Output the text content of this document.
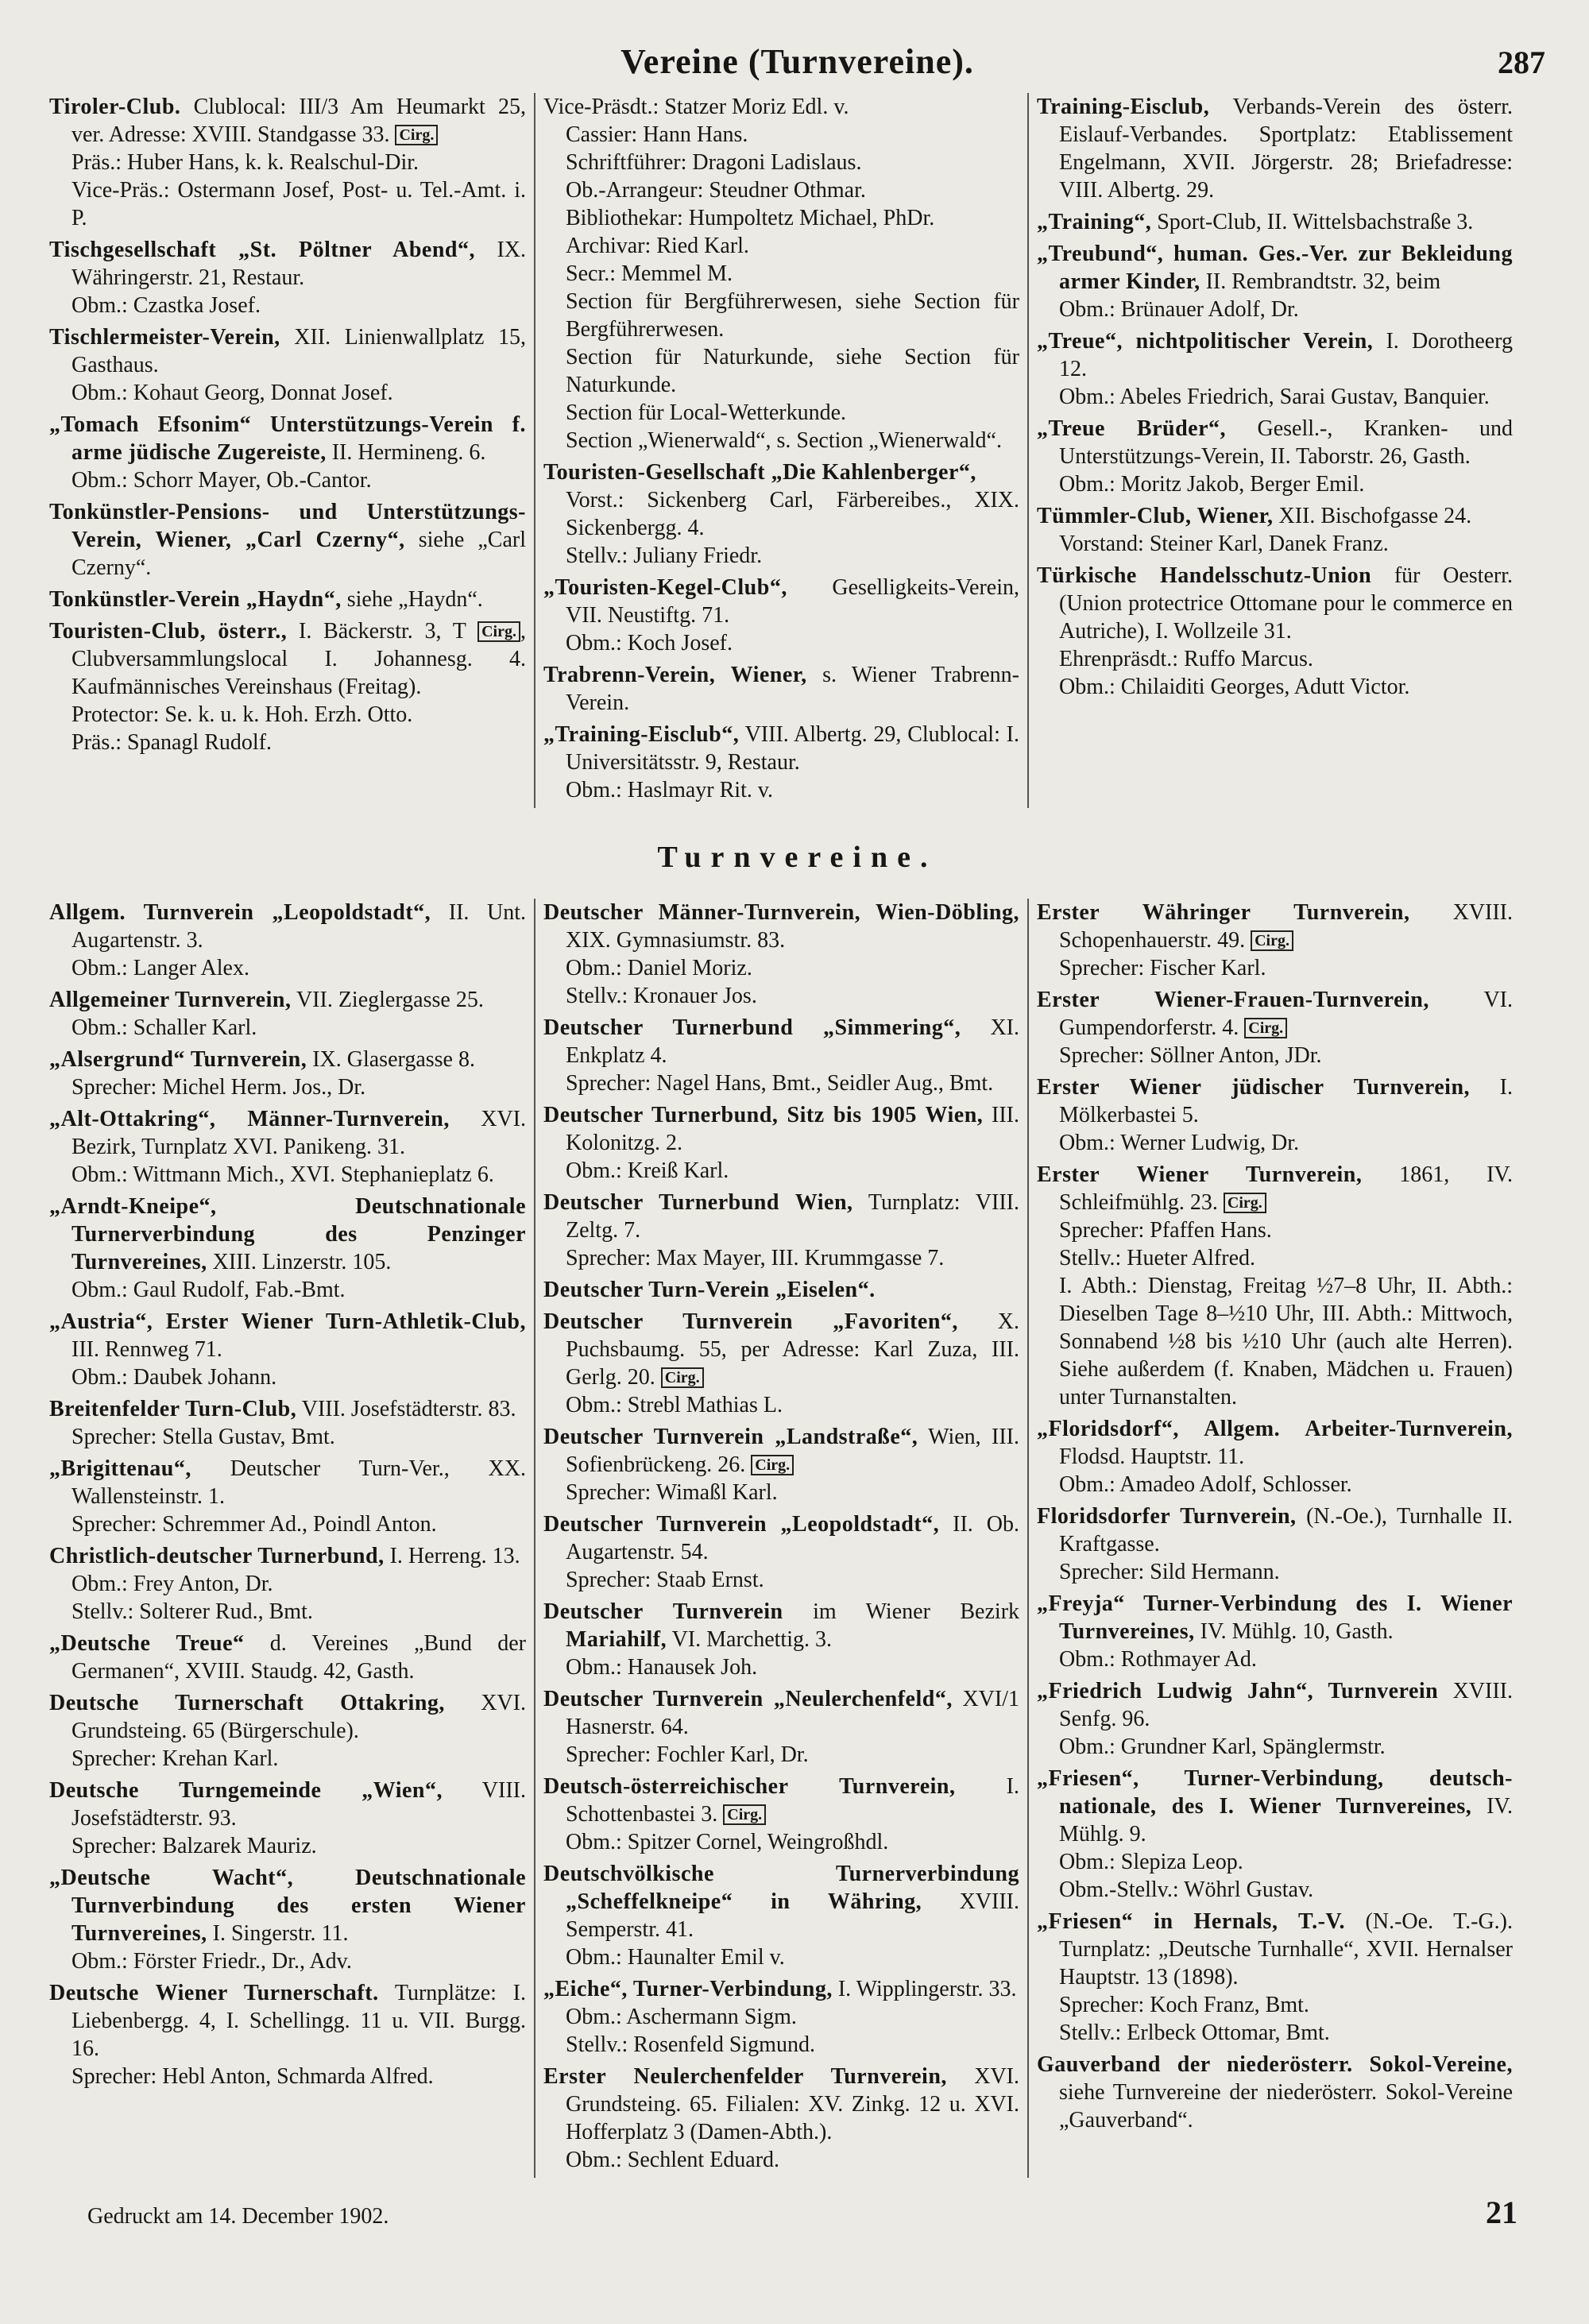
Vereine (Turnvereine).	287

Tiroler-Club. Clublocal: III/3 Am Heumarkt 25, ver. Adresse: XVIII. Standgasse 33. Cirg.

Präs.: Huber Hans, k. k. Realschul-Dir.

Vice-Präs.: Ostermann Josef, Post- u. Tel.-Amt. i. P.

Tischgesellschaft „St. Pöltner Abend“, IX. Währingerstr. 21, Restaur.

Obm.: Czastka Josef.

Tischlermeister-Verein, XII. Linienwallplatz 15, Gasthaus.

Obm.: Kohaut Georg, Donnat Josef.

„Tomach Efsonim“ Unterstützungs-Verein f. arme jüdische Zugereiste, II. Hermineng. 6.

Obm.: Schorr Mayer, Ob.-Cantor.

Tonkünstler-Pensions- und Unterstützungs-Verein, Wiener, „Carl Czerny“, siehe „Carl Czerny“.

Tonkünstler-Verein „Haydn“, siehe „Haydn“.

Touristen-Club, österr., I. Bäckerstr. 3, T Cirg. , Clubversammlungslocal I. Johannesg. 4. Kaufmännisches Vereinshaus (Freitag).

Protector: Se. k. u. k. Hoh. Erzh. Otto.

Präs.: Spanagl Rudolf.

Vice-Präsdt.: Statzer Moriz Edl. v.

Cassier: Hann Hans.

Schriftführer: Dragoni Ladislaus.

Ob.-Arrangeur: Steudner Othmar.

Bibliothekar: Humpoltetz Michael, PhDr.

Archivar: Ried Karl.

Secr.: Memmel M.

Section für Bergführerwesen, siehe Section für Bergführerwesen.

Section für Naturkunde, siehe Section für Naturkunde.

Section für Local-Wetterkunde.

Section „Wienerwald“, s. Section „Wienerwald“.

Touristen-Gesellschaft „Die Kahlenberger“,

Vorst.: Sickenberg Carl, Färbereibes., XIX. Sickenbergg. 4.

Stellv.: Juliany Friedr.

„Touristen-Kegel-Club“, Geselligkeits-Verein, VII. Neustiftg. 71.

Obm.: Koch Josef.

Trabrenn-Verein, Wiener, s. Wiener Trabrenn-Verein.

„Training-Eisclub“, VIII. Albertg. 29, Clublocal: I. Universitätsstr. 9, Restaur.

Obm.: Haslmayr Rit. v.

Training-Eisclub, Verbands-Verein des österr. Eislauf-Verbandes. Sportplatz: Etablissement Engelmann, XVII. Jörgerstr. 28; Briefadresse: VIII. Albertg. 29.

„Training“, Sport-Club, II. Wittelsbachstraße 3.

„Treubund“, human. Ges.-Ver. zur Bekleidung armer Kinder, II. Rembrandtstr. 32, beim

Obm.: Brünauer Adolf, Dr.

„Treue“, nichtpolitischer Verein, I. Dorotheerg 12.

Obm.: Abeles Friedrich, Sarai Gustav, Banquier.

„Treue Brüder“, Gesell.-, Kranken- und Unterstützungs-Verein, II. Taborstr. 26, Gasth.

Obm.: Moritz Jakob, Berger Emil.

Tümmler-Club, Wiener, XII. Bischofgasse 24.

Vorstand: Steiner Karl, Danek Franz.

Türkische Handelsschutz-Union für Oesterr. (Union protectrice Ottomane pour le commerce en Autriche), I. Wollzeile 31.

Ehrenpräsdt.: Ruffo Marcus.

Obm.: Chilaiditi Georges, Adutt Victor.

Turnvereine.

Allgem. Turnverein „Leopoldstadt“, II. Unt. Augartenstr. 3.

Obm.: Langer Alex.

Allgemeiner Turnverein, VII. Zieglergasse 25.

Obm.: Schaller Karl.

„Alsergrund“ Turnverein, IX. Glasergasse 8.

Sprecher: Michel Herm. Jos., Dr.

„Alt-Ottakring“, Männer-Turnverein, XVI. Bezirk, Turnplatz XVI. Panikeng. 31.

Obm.: Wittmann Mich., XVI. Stephanieplatz 6.

„Arndt-Kneipe“, Deutschnationale Turnerverbindung des Penzinger Turnvereines, XIII. Linzerstr. 105.

Obm.: Gaul Rudolf, Fab.-Bmt.

„Austria“, Erster Wiener Turn-Athletik-Club, III. Rennweg 71.

Obm.: Daubek Johann.

Breitenfelder Turn-Club, VIII. Josefstädterstr. 83.

Sprecher: Stella Gustav, Bmt.

„Brigittenau“, Deutscher Turn-Ver., XX. Wallensteinstr. 1.

Sprecher: Schremmer Ad., Poindl Anton.

Christlich-deutscher Turnerbund, I. Herreng. 13.

Obm.: Frey Anton, Dr.

Stellv.: Solterer Rud., Bmt.

„Deutsche Treue“ d. Vereines „Bund der Germanen“, XVIII. Staudg. 42, Gasth.

Deutsche Turnerschaft Ottakring, XVI. Grundsteing. 65 (Bürgerschule).

Sprecher: Krehan Karl.

Deutsche Turngemeinde „Wien“, VIII. Josefstädterstr. 93.

Sprecher: Balzarek Mauriz.

„Deutsche Wacht“, Deutschnationale Turnverbindung des ersten Wiener Turnvereines, I. Singerstr. 11.

Obm.: Förster Friedr., Dr., Adv.

Deutsche Wiener Turnerschaft. Turnplätze: I. Liebenbergg. 4, I. Schellingg. 11 u. VII. Burgg. 16.

Sprecher: Hebl Anton, Schmarda Alfred.

Deutscher Männer-Turnverein, Wien-Döbling, XIX. Gymnasiumstr. 83.

Obm.: Daniel Moriz.

Stellv.: Kronauer Jos.

Deutscher Turnerbund „Simmering“, XI. Enkplatz 4.

Sprecher: Nagel Hans, Bmt., Seidler Aug., Bmt.

Deutscher Turnerbund, Sitz bis 1905 Wien, III. Kolonitzg. 2.

Obm.: Kreiß Karl.

Deutscher Turnerbund Wien, Turnplatz: VIII. Zeltg. 7.

Sprecher: Max Mayer, III. Krummgasse 7.

Deutscher Turn-Verein „Eiselen“.

Deutscher Turnverein „Favoriten“, X. Puchsbaumg. 55, per Adresse: Karl Zuza, III. Gerlg. 20. Cirg.

Obm.: Strebl Mathias L.

Deutscher Turnverein „Landstraße“, Wien, III. Sofienbrückeng. 26. Cirg.

Sprecher: Wimaßl Karl.

Deutscher Turnverein „Leopoldstadt“, II. Ob. Augartenstr. 54.

Sprecher: Staab Ernst.

Deutscher Turnverein im Wiener Bezirk Mariahilf, VI. Marchettig. 3.

Obm.: Hanausek Joh.

Deutscher Turnverein „Neulerchenfeld“, XVI/1 Hasnerstr. 64.

Sprecher: Fochler Karl, Dr.

Deutsch-österreichischer Turnverein, I. Schottenbastei 3. Cirg.

Obm.: Spitzer Cornel, Weingroßhdl.

Deutschvölkische Turnerverbindung „Scheffelkneipe“ in Währing, XVIII. Semperstr. 41.

Obm.: Haunalter Emil v.

„Eiche“, Turner-Verbindung, I. Wipplingerstr. 33.

Obm.: Aschermann Sigm.

Stellv.: Rosenfeld Sigmund.

Erster Neulerchenfelder Turnverein, XVI. Grundsteing. 65. Filialen: XV. Zinkg. 12 u. XVI. Hofferplatz 3 (Damen-Abth.).

Obm.: Sechlent Eduard.

Erster Währinger Turnverein, XVIII. Schopenhauerstr. 49. Cirg.

Sprecher: Fischer Karl.

Erster Wiener-Frauen-Turnverein, VI. Gumpendorferstr. 4. Cirg.

Sprecher: Söllner Anton, JDr.

Erster Wiener jüdischer Turnverein, I. Mölkerbastei 5.

Obm.: Werner Ludwig, Dr.

Erster Wiener Turnverein, 1861, IV. Schleifmühlg. 23. Cirg.

Sprecher: Pfaffen Hans.

Stellv.: Hueter Alfred.

I. Abth.: Dienstag, Freitag ½7–8 Uhr, II. Abth.: Dieselben Tage 8–½10 Uhr, III. Abth.: Mittwoch, Sonnabend ½8 bis ½10 Uhr (auch alte Herren). Siehe außerdem (f. Knaben, Mädchen u. Frauen) unter Turnanstalten.

„Floridsdorf“, Allgem. Arbeiter-Turnverein, Flodsd. Hauptstr. 11.

Obm.: Amadeo Adolf, Schlosser.

Floridsdorfer Turnverein, (N.-Oe.), Turnhalle II. Kraftgasse.

Sprecher: Sild Hermann.

„Freyja“ Turner-Verbindung des I. Wiener Turnvereines, IV. Mühlg. 10, Gasth.

Obm.: Rothmayer Ad.

„Friedrich Ludwig Jahn“, Turnverein XVIII. Senfg. 96.

Obm.: Grundner Karl, Spänglermstr.

„Friesen“, Turner-Verbindung, deutsch-nationale, des I. Wiener Turnvereines, IV. Mühlg. 9.

Obm.: Slepiza Leop.

Obm.-Stellv.: Wöhrl Gustav.

„Friesen“ in Hernals, T.-V. (N.-Oe. T.-G.). Turnplatz: „Deutsche Turnhalle“, XVII. Hernalser Hauptstr. 13 (1898).

Sprecher: Koch Franz, Bmt.

Stellv.: Erlbeck Ottomar, Bmt.

Gauverband der niederösterr. Sokol-Vereine, siehe Turnvereine der niederösterr. Sokol-Vereine „Gauverband“.

Gedruckt am 14. December 1902.	21
